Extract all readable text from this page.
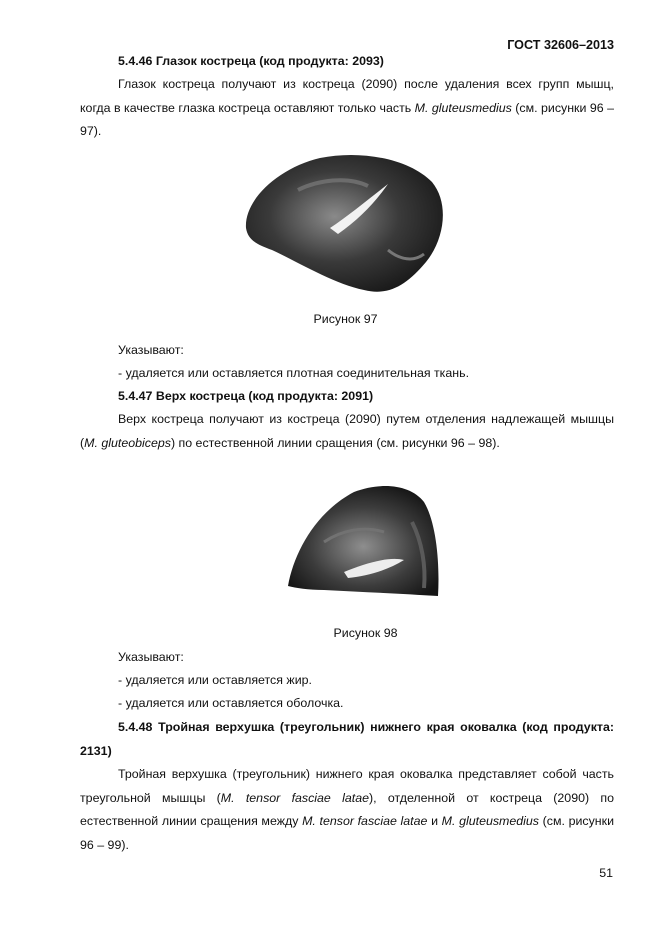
ГОСТ 32606–2013
5.4.46 Глазок костреца (код продукта: 2093)
Глазок костреца получают из костреца (2090) после удаления всех групп мышц, когда в качестве глазка костреца оставляют только часть M. gluteusmedius (см. рисунки 96 – 97).
Рисунок 97
Указывают:
- удаляется или оставляется плотная соединительная ткань.
5.4.47 Верх костреца (код продукта: 2091)
Верх костреца получают из костреца (2090) путем отделения надлежащей мышцы (M. gluteobiceps) по естественной линии сращения (см. рисунки 96 – 98).
Рисунок 98
Указывают:
- удаляется или оставляется жир.
- удаляется или оставляется оболочка.
5.4.48 Тройная верхушка (треугольник) нижнего края оковалка (код продукта: 2131)
Тройная верхушка (треугольник) нижнего края оковалка представляет собой часть треугольной мышцы (M. tensor fasciae latae), отделенной от костреца (2090) по естественной линии сращения между M. tensor fasciae latae и M. gluteusmedius (см. рисунки 96 – 99).
51
